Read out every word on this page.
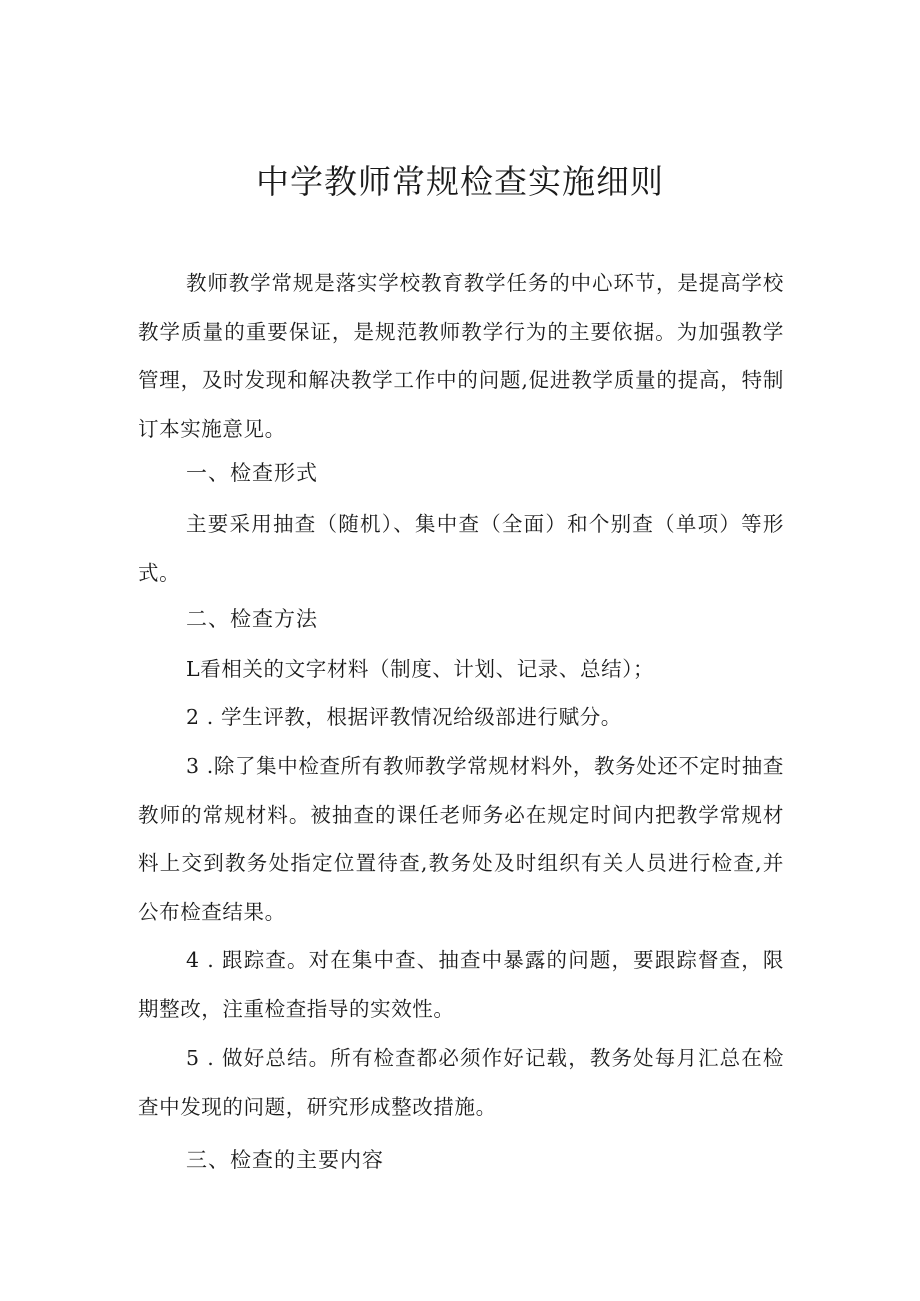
中学教师常规检查实施细则

教师教学常规是落实学校教育教学任务的中心环节，是提高学校教学质量的重要保证，是规范教师教学行为的主要依据。为加强教学管理，及时发现和解决教学工作中的问题,促进教学质量的提高，特制订本实施意见。

一、检查形式

主要采用抽查（随机）、集中查（全面）和个别查（单项）等形式。

二、检查方法

L看相关的文字材料（制度、计划、记录、总结）；

2 . 学生评教，根据评教情况给级部进行赋分。

3 .除了集中检查所有教师教学常规材料外，教务处还不定时抽查教师的常规材料。被抽查的课任老师务必在规定时间内把教学常规材料上交到教务处指定位置待查,教务处及时组织有关人员进行检查,并公布检查结果。

4 . 跟踪查。对在集中查、抽查中暴露的问题，要跟踪督查，限期整改，注重检查指导的实效性。

5 . 做好总结。所有检查都必须作好记载，教务处每月汇总在检查中发现的问题，研究形成整改措施。

三、检查的主要内容
